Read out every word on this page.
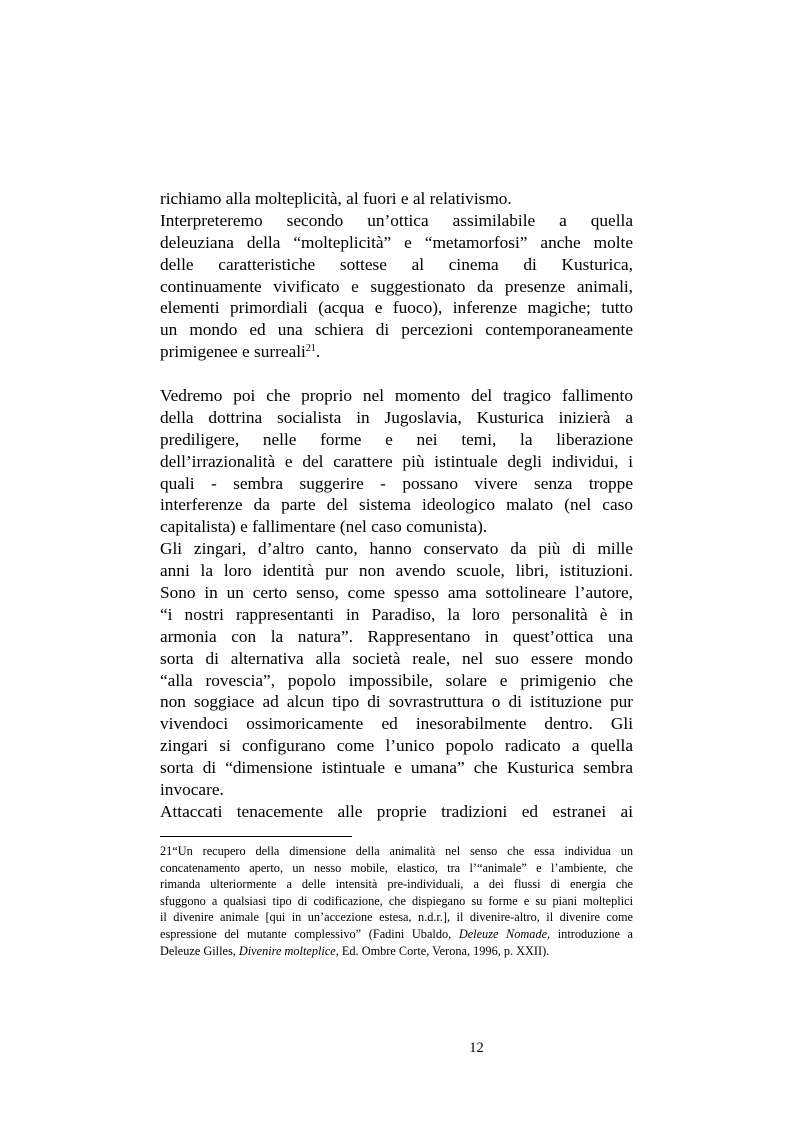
richiamo alla molteplicità, al fuori e al relativismo.
Interpreteremo secondo un’ottica assimilabile a quella
deleuziana della “molteplicità” e “metamorfosi” anche molte
delle caratteristiche sottese al cinema di Kusturica,
continuamente vivificato e suggestionato da presenze animali,
elementi primordiali (acqua e fuoco), inferenze magiche; tutto
un mondo ed una schiera di percezioni contemporaneamente
primigenee e surreali$^{21}$.
Vedremo poi che proprio nel momento del tragico fallimento
della dottrina socialista in Jugoslavia, Kusturica inizierà a
prediligere, nelle forme e nei temi, la liberazione
dell’irrazionalità e del carattere più istintuale degli individui, i
quali - sembra suggerire - possano vivere senza troppe
interferenze da parte del sistema ideologico malato (nel caso
capitalista) e fallimentare (nel caso comunista).
Gli zingari, d’altro canto, hanno conservato da più di mille
anni la loro identità pur non avendo scuole, libri, istituzioni.
Sono in un certo senso, come spesso ama sottolineare l’autore,
“i nostri rappresentanti in Paradiso, la loro personalità è in
armonia con la natura”. Rappresentano in quest’ottica una
sorta di alternativa alla società reale, nel suo essere mondo
“alla rovescia”, popolo impossibile, solare e primigenio che
non soggiace ad alcun tipo di sovrastruttura o di istituzione pur
vivendoci ossimoricamente ed inesorabilmente dentro. Gli
zingari si configurano come l’unico popolo radicato a quella
sorta di “dimensione istintuale e umana” che Kusturica sembra
invocare.
Attaccati tenacemente alle proprie tradizioni ed estranei ai
21“Un recupero della dimensione della animalità nel senso che essa individua un
concatenamento aperto, un nesso mobile, elastico, tra l’“animale” e l’ambiente, che
rimanda ulteriormente a delle intensità pre-individuali, a dei flussi di energia che
sfuggono a qualsiasi tipo di codificazione, che dispiegano su forme e su piani molteplici
il divenire animale [qui in un’accezione estesa, n.d.r.], il divenire-altro, il divenire come
espressione del mutante complessivo” (Fadini Ubaldo, Deleuze Nomade, introduzione a
Deleuze Gilles, Divenire molteplice, Ed. Ombre Corte, Verona, 1996, p. XXII).
12
